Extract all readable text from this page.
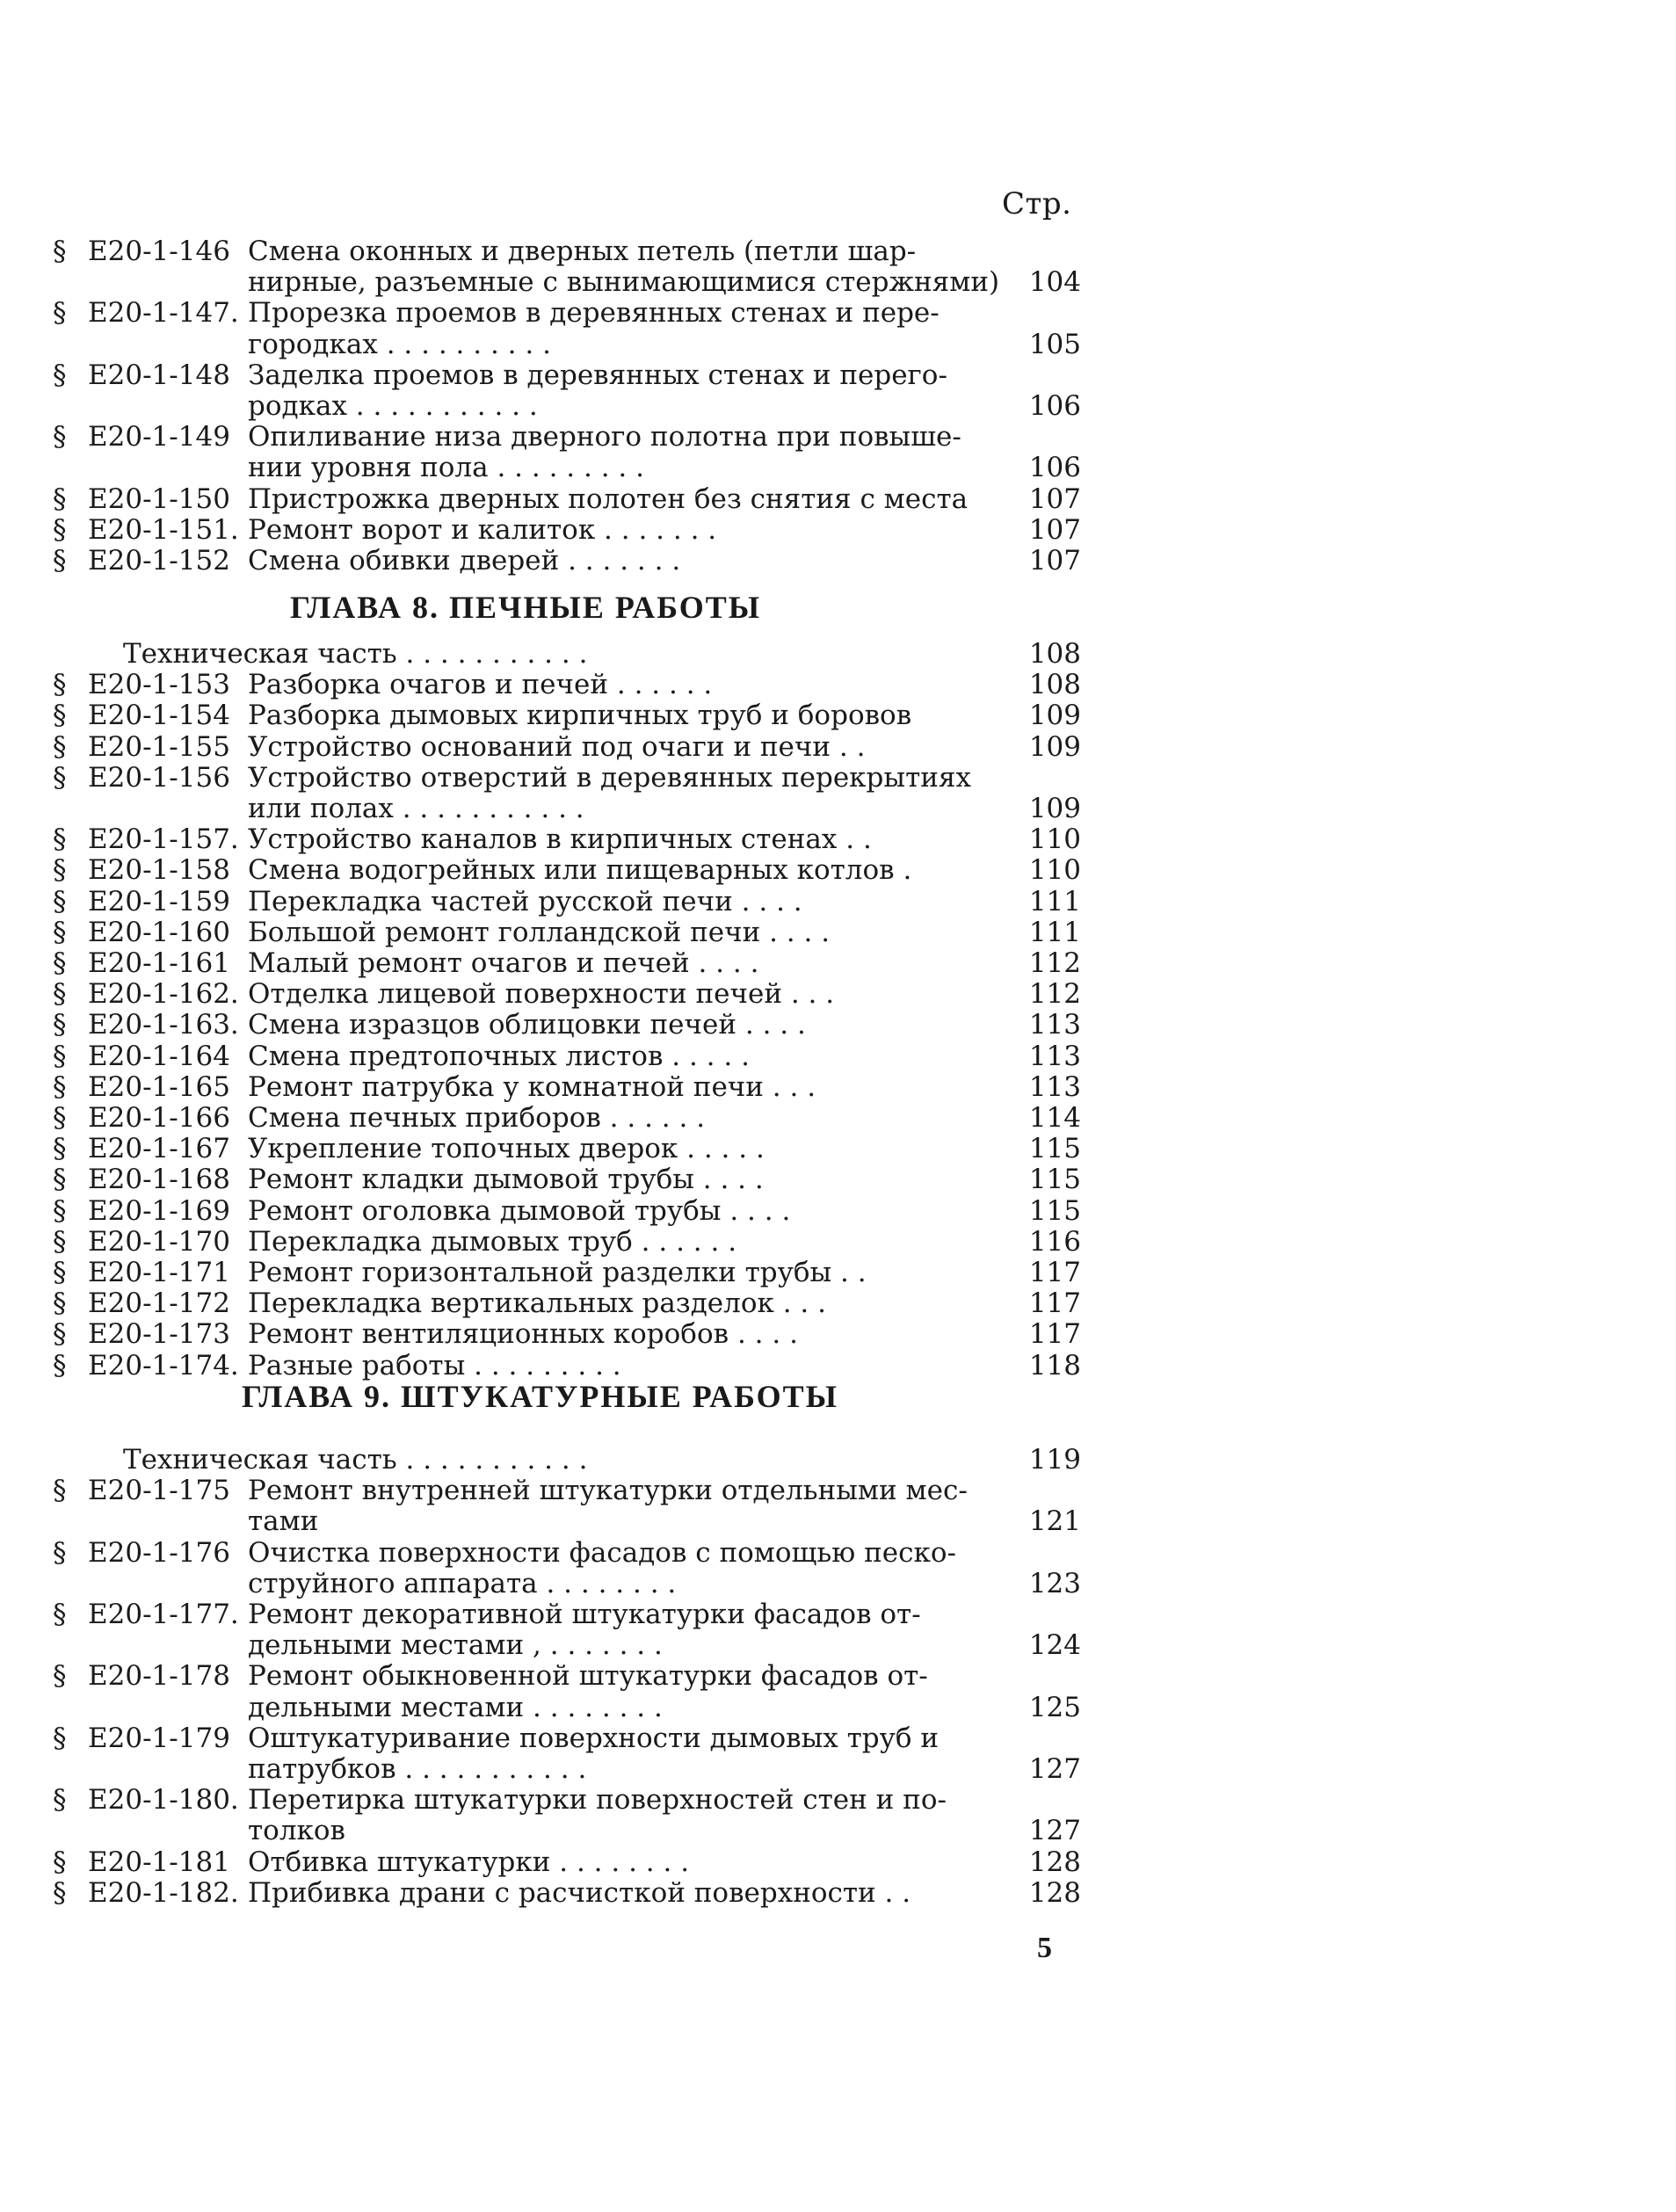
Стр.
§ Е20-1-146 Смена оконных и дверных петель (петли шар-
нирные, разъемные с вынимающимися стержнями)	104
§ Е20-1-147. Прорезка проемов в деревянных стенах и пере-
городках . . . . . . . . . .	105
§ Е20-1-148 Заделка проемов в деревянных стенах и перего-
родках . . . . . . . . . . .	106
§ Е20-1-149 Опиливание низа дверного полотна при повыше-
нии уровня пола . . . . . . . . .	106
§ Е20-1-150 Пристрожка дверных полотен без снятия с места	107
§ Е20-1-151. Ремонт ворот и калиток . . . . . . .	107
§ Е20-1-152 Смена обивки дверей . . . . . . .	107
ГЛАВА 8. ПЕЧНЫЕ РАБОТЫ
Техническая часть . . . . . . . . . . .	108
§ Е20-1-153 Разборка очагов и печей . . . . . .	108
§ Е20-1-154 Разборка дымовых кирпичных труб и боровов	109
§ Е20-1-155 Устройство оснований под очаги и печи . .	109
§ Е20-1-156 Устройство отверстий в деревянных перекрытиях
или полах . . . . . . . . . . .	109
§ Е20-1-157. Устройство каналов в кирпичных стенах . .	110
§ Е20-1-158 Смена водогрейных или пищеварных котлов .	110
§ Е20-1-159 Перекладка частей русской печи . . . .	111
§ Е20-1-160 Большой ремонт голландской печи . . . .	111
§ Е20-1-161 Малый ремонт очагов и печей . . . .	112
§ Е20-1-162. Отделка лицевой поверхности печей . . .	112
§ Е20-1-163. Смена изразцов облицовки печей . . . .	113
§ Е20-1-164 Смена предтопочных листов . . . . .	113
§ Е20-1-165 Ремонт патрубка у комнатной печи . . .	113
§ Е20-1-166 Смена печных приборов . . . . . .	114
§ Е20-1-167 Укрепление топочных дверок . . . . .	115
§ Е20-1-168 Ремонт кладки дымовой трубы . . . .	115
§ Е20-1-169 Ремонт оголовка дымовой трубы . . . .	115
§ Е20-1-170 Перекладка дымовых труб . . . . . .	116
§ Е20-1-171 Ремонт горизонтальной разделки трубы . .	117
§ Е20-1-172 Перекладка вертикальных разделок . . .	117
§ Е20-1-173 Ремонт вентиляционных коробов . . . .	117
§ Е20-1-174. Разные работы . . . . . . . . .	118
ГЛАВА 9. ШТУКАТУРНЫЕ РАБОТЫ
Техническая часть . . . . . . . . . . .	119
§ Е20-1-175 Ремонт внутренней штукатурки отдельными мес-
тами	121
§ Е20-1-176 Очистка поверхности фасадов с помощью песко-
струйного аппарата . . . . . . . .	123
§ Е20-1-177. Ремонт декоративной штукатурки фасадов от-
дельными местами , . . . . . . .	124
§ Е20-1-178 Ремонт обыкновенной штукатурки фасадов от-
дельными местами . . . . . . . .	125
§ Е20-1-179 Оштукатуривание поверхности дымовых труб и
патрубков . . . . . . . . . . .	127
§ Е20-1-180. Перетирка штукатурки поверхностей стен и по-
толков	127
§ Е20-1-181 Отбивка штукатурки . . . . . . . .	128
§ Е20-1-182. Прибивка драни с расчисткой поверхности . .	128
5
